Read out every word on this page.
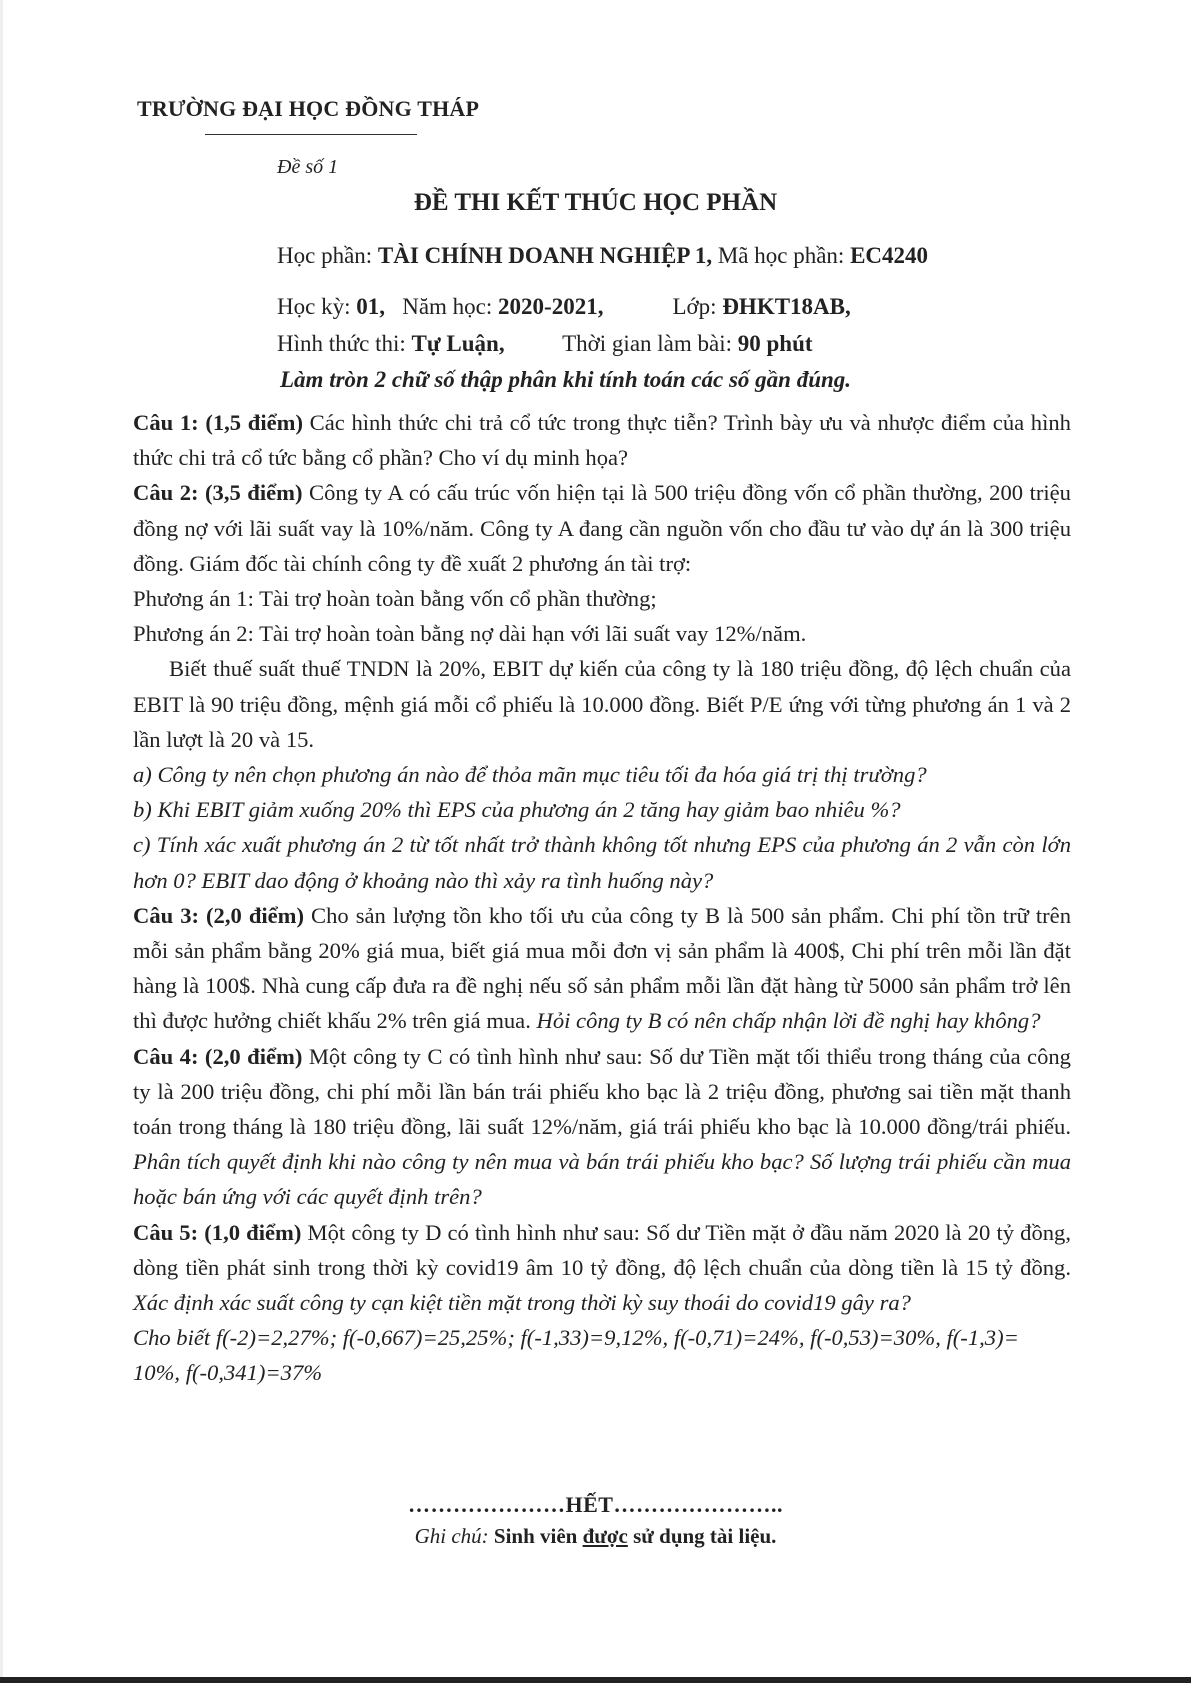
TRƯỜNG ĐẠI HỌC ĐỒNG THÁP
Đề số 1
ĐỀ THI KẾT THÚC HỌC PHẦN
Học phần: TÀI CHÍNH DOANH NGHIỆP 1, Mã học phần: EC4240
Học kỳ: 01, Năm học: 2020-2021,	Lớp: ĐHKT18AB,
Hình thức thi: Tự Luận,	Thời gian làm bài: 90 phút
Làm tròn 2 chữ số thập phân khi tính toán các số gần đúng.

Câu 1: (1,5 điểm) Các hình thức chi trả cổ tức trong thực tiễn? Trình bày ưu và nhược điểm của hình thức chi trả cổ tức bằng cổ phần? Cho ví dụ minh họa?

Câu 2: (3,5 điểm) Công ty A có cấu trúc vốn hiện tại là 500 triệu đồng vốn cổ phần thường, 200 triệu đồng nợ với lãi suất vay là 10%/năm. Công ty A đang cần nguồn vốn cho đầu tư vào dự án là 300 triệu đồng. Giám đốc tài chính công ty đề xuất 2 phương án tài trợ:

Phương án 1: Tài trợ hoàn toàn bằng vốn cổ phần thường;

Phương án 2: Tài trợ hoàn toàn bằng nợ dài hạn với lãi suất vay 12%/năm.

Biết thuế suất thuế TNDN là 20%, EBIT dự kiến của công ty là 180 triệu đồng, độ lệch chuẩn của EBIT là 90 triệu đồng, mệnh giá mỗi cổ phiếu là 10.000 đồng. Biết P/E ứng với từng phương án 1 và 2 lần lượt là 20 và 15.

a) Công ty nên chọn phương án nào để thỏa mãn mục tiêu tối đa hóa giá trị thị trường?

b) Khi EBIT giảm xuống 20% thì EPS của phương án 2 tăng hay giảm bao nhiêu %?

c) Tính xác xuất phương án 2 từ tốt nhất trở thành không tốt nhưng EPS của phương án 2 vẫn còn lớn hơn 0? EBIT dao động ở khoảng nào thì xảy ra tình huống này?

Câu 3: (2,0 điểm) Cho sản lượng tồn kho tối ưu của công ty B là 500 sản phẩm. Chi phí tồn trữ trên mỗi sản phẩm bằng 20% giá mua, biết giá mua mỗi đơn vị sản phẩm là 400$, Chi phí trên mỗi lần đặt hàng là 100$. Nhà cung cấp đưa ra đề nghị nếu số sản phẩm mỗi lần đặt hàng từ 5000 sản phẩm trở lên thì được hưởng chiết khấu 2% trên giá mua. Hỏi công ty B có nên chấp nhận lời đề nghị hay không?

Câu 4: (2,0 điểm) Một công ty C có tình hình như sau: Số dư Tiền mặt tối thiểu trong tháng của công ty là 200 triệu đồng, chi phí mỗi lần bán trái phiếu kho bạc là 2 triệu đồng, phương sai tiền mặt thanh toán trong tháng là 180 triệu đồng, lãi suất 12%/năm, giá trái phiếu kho bạc là 10.000 đồng/trái phiếu. Phân tích quyết định khi nào công ty nên mua và bán trái phiếu kho bạc? Số lượng trái phiếu cần mua hoặc bán ứng với các quyết định trên?

Câu 5: (1,0 điểm) Một công ty D có tình hình như sau: Số dư Tiền mặt ở đầu năm 2020 là 20 tỷ đồng, dòng tiền phát sinh trong thời kỳ covid19 âm 10 tỷ đồng, độ lệch chuẩn của dòng tiền là 15 tỷ đồng. Xác định xác suất công ty cạn kiệt tiền mặt trong thời kỳ suy thoái do covid19 gây ra?

Cho biết f(-2)=2,27%; f(-0,667)=25,25%; f(-1,33)=9,12%, f(-0,71)=24%, f(-0,53)=30%, f(-1,3)= 10%, f(-0,341)=37%

…………………HẾT…………………..
Ghi chú: Sinh viên được sử dụng tài liệu.
